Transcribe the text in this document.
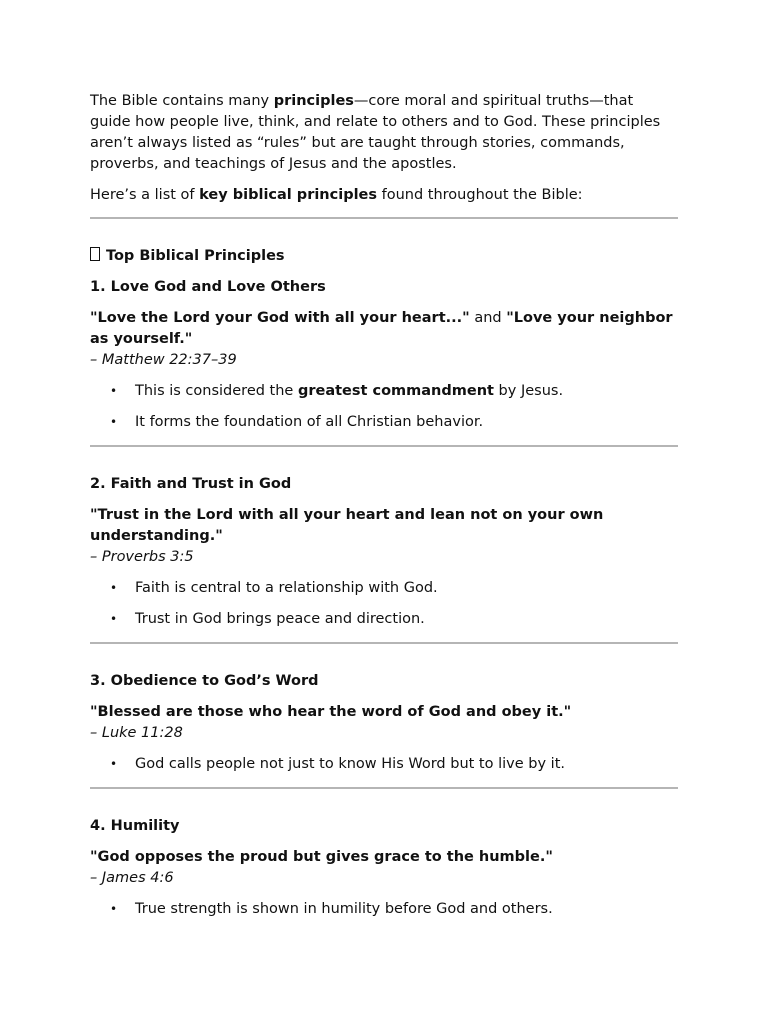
The Bible contains many principles—core moral and spiritual truths—that guide how people live, think, and relate to others and to God. These principles aren’t always listed as “rules” but are taught through stories, commands, proverbs, and teachings of Jesus and the apostles.

Here’s a list of key biblical principles found throughout the Bible:

Top Biblical Principles

1. Love God and Love Others

"Love the Lord your God with all your heart..." and "Love your neighbor as yourself."

– Matthew 22:37–39

• This is considered the greatest commandment by Jesus.
• It forms the foundation of all Christian behavior.

2. Faith and Trust in God

"Trust in the Lord with all your heart and lean not on your own understanding."

– Proverbs 3:5

• Faith is central to a relationship with God.
• Trust in God brings peace and direction.

3. Obedience to God’s Word

"Blessed are those who hear the word of God and obey it."

– Luke 11:28

• God calls people not just to know His Word but to live by it.

4. Humility

"God opposes the proud but gives grace to the humble."

– James 4:6

• True strength is shown in humility before God and others.
